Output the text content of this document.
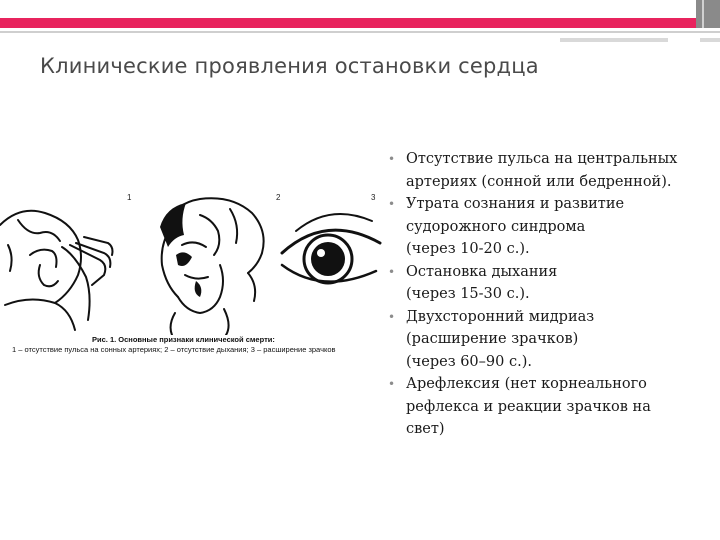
Клинические проявления остановки сердца
1	2	3
Рис. 1. Основные признаки клинической смерти:
1 – отсутствие пульса на сонных артериях; 2 – отсутствие дыхания; 3 – расширение зрачков
• Отсутствие пульса на центральных
артериях (сонной или бедренной).
• Утрата сознания и развитие
судорожного синдрома
(через 10-20 с.).
• Остановка дыхания
(через 15-30 с.).
• Двухсторонний мидриаз
(расширение зрачков)
(через 60–90 с.).
• Арефлексия (нет корнеального
рефлекса и реакции зрачков на
свет)
